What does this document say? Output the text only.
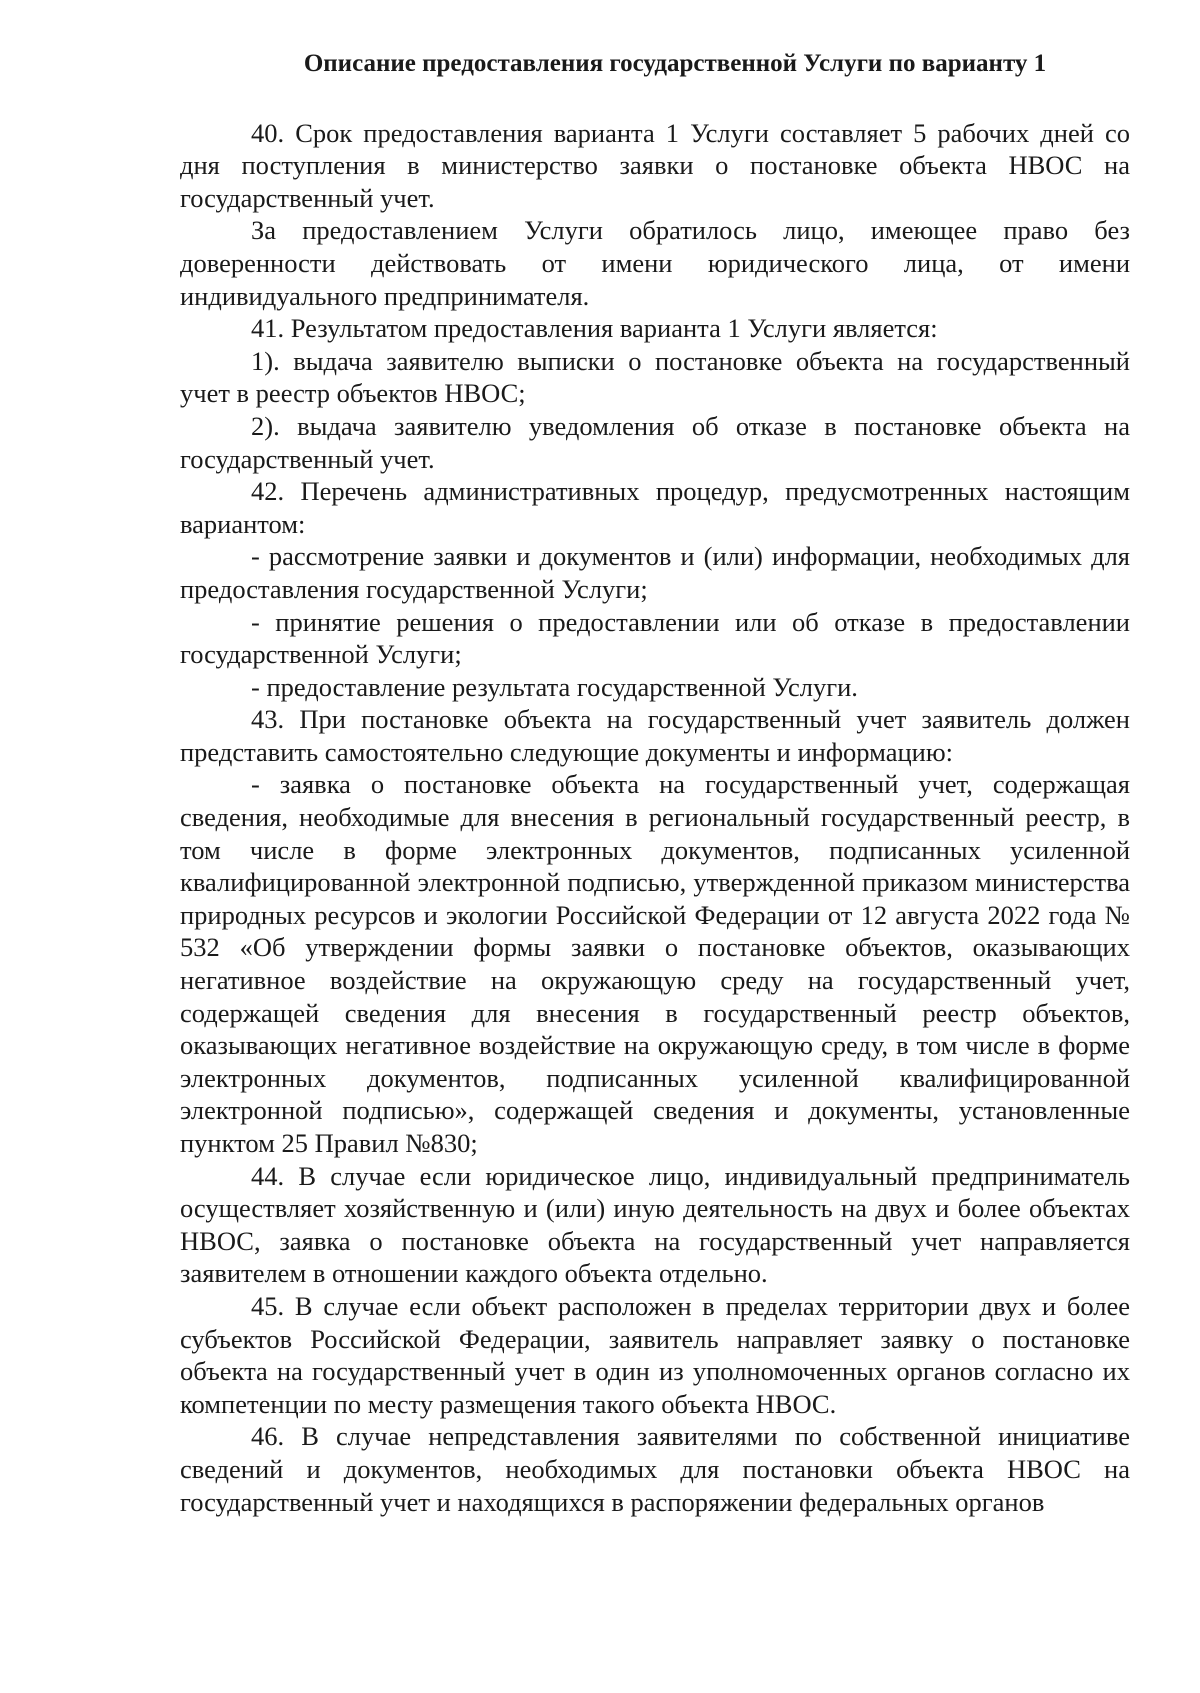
Описание предоставления государственной Услуги по варианту 1

40. Срок предоставления варианта 1 Услуги составляет 5 рабочих дней со дня поступления в министерство заявки о постановке объекта НВОС на государственный учет.

За предоставлением Услуги обратилось лицо, имеющее право без доверенности действовать от имени юридического лица, от имени индивидуального предпринимателя.

41. Результатом предоставления варианта 1 Услуги является:

1). выдача заявителю выписки о постановке объекта на государственный учет в реестр объектов НВОС;

2). выдача заявителю уведомления об отказе в постановке объекта на государственный учет.

42. Перечень административных процедур, предусмотренных настоящим вариантом:

- рассмотрение заявки и документов и (или) информации, необходимых для предоставления государственной Услуги;

- принятие решения о предоставлении или об отказе в предоставлении государственной Услуги;

- предоставление результата государственной Услуги.

43. При постановке объекта на государственный учет заявитель должен представить самостоятельно следующие документы и информацию:

- заявка о постановке объекта на государственный учет, содержащая сведения, необходимые для внесения в региональный государственный реестр, в том числе в форме электронных документов, подписанных усиленной квалифицированной электронной подписью, утвержденной приказом министерства природных ресурсов и экологии Российской Федерации от 12 августа 2022 года № 532 «Об утверждении формы заявки о постановке объектов, оказывающих негативное воздействие на окружающую среду на государственный учет, содержащей сведения для внесения в государственный реестр объектов, оказывающих негативное воздействие на окружающую среду, в том числе в форме электронных документов, подписанных усиленной квалифицированной электронной подписью», содержащей сведения и документы, установленные пунктом 25 Правил №830;

44. В случае если юридическое лицо, индивидуальный предприниматель осуществляет хозяйственную и (или) иную деятельность на двух и более объектах НВОС, заявка о постановке объекта на государственный учет направляется заявителем в отношении каждого объекта отдельно.

45. В случае если объект расположен в пределах территории двух и более субъектов Российской Федерации, заявитель направляет заявку о постановке объекта на государственный учет в один из уполномоченных органов согласно их компетенции по месту размещения такого объекта НВОС.

46. В случае непредставления заявителями по собственной инициативе сведений и документов, необходимых для постановки объекта НВОС на государственный учет и находящихся в распоряжении федеральных органов
